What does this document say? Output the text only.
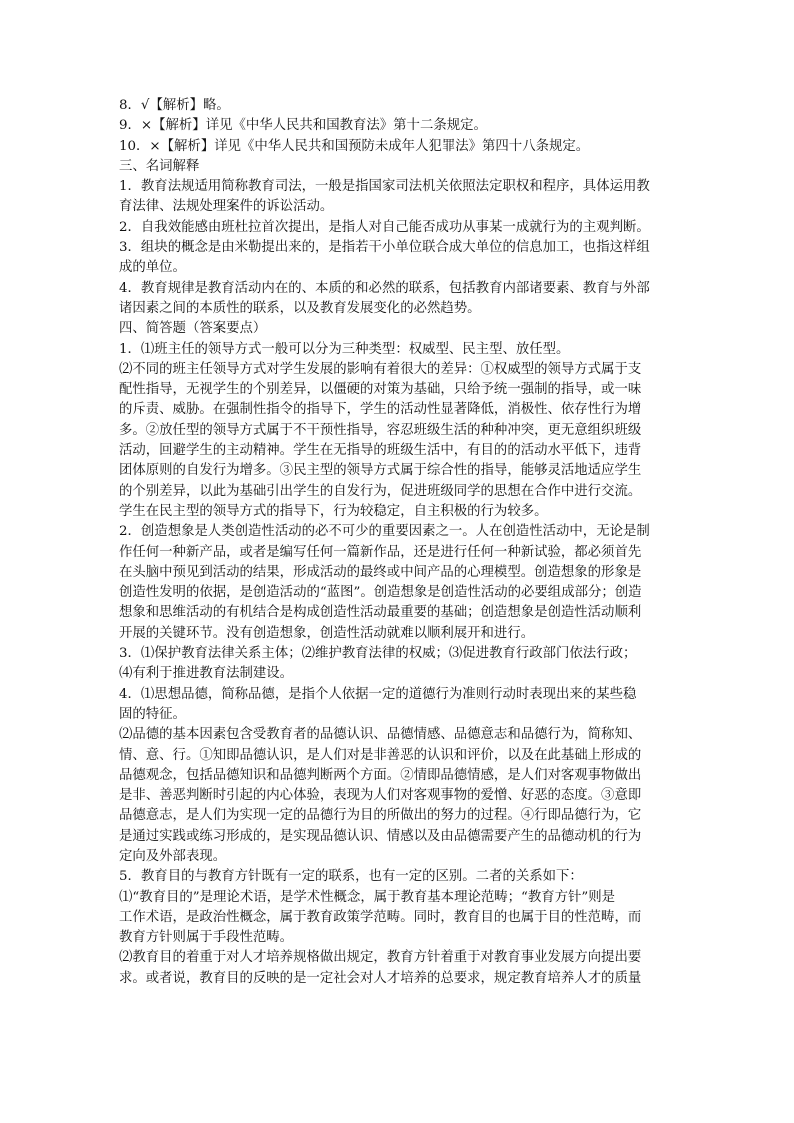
8．√【解析】略。
9．×【解析】详见《中华人民共和国教育法》第十二条规定。
10．×【解析】详见《中华人民共和国预防未成年人犯罪法》第四十八条规定。
三、名词解释
1．教育法规适用简称教育司法，一般是指国家司法机关依照法定职权和程序，具体运用教
育法律、法规处理案件的诉讼活动。
2．自我效能感由班杜拉首次提出，是指人对自己能否成功从事某一成就行为的主观判断。
3．组块的概念是由米勒提出来的，是指若干小单位联合成大单位的信息加工，也指这样组
成的单位。
4．教育规律是教育活动内在的、本质的和必然的联系，包括教育内部诸要素、教育与外部
诸因素之间的本质性的联系，以及教育发展变化的必然趋势。
四、简答题（答案要点）
1．⑴班主任的领导方式一般可以分为三种类型：权威型、民主型、放任型。
⑵不同的班主任领导方式对学生发展的影响有着很大的差异：①权威型的领导方式属于支
配性指导，无视学生的个别差异，以僵硬的对策为基础，只给予统一强制的指导，或一味
的斥责、威胁。在强制性指令的指导下，学生的活动性显著降低，消极性、依存性行为增
多。②放任型的领导方式属于不干预性指导，容忍班级生活的种种冲突，更无意组织班级
活动，回避学生的主动精神。学生在无指导的班级生活中，有目的的活动水平低下，违背
团体原则的自发行为增多。③民主型的领导方式属于综合性的指导，能够灵活地适应学生
的个别差异，以此为基础引出学生的自发行为，促进班级同学的思想在合作中进行交流。
学生在民主型的领导方式的指导下，行为较稳定，自主积极的行为较多。
2．创造想象是人类创造性活动的必不可少的重要因素之一。人在创造性活动中，无论是制
作任何一种新产品，或者是编写任何一篇新作品，还是进行任何一种新试验，都必须首先
在头脑中预见到活动的结果，形成活动的最终或中间产品的心理模型。创造想象的形象是
创造性发明的依据，是创造活动的“蓝图”。创造想象是创造性活动的必要组成部分；创造
想象和思维活动的有机结合是构成创造性活动最重要的基础；创造想象是创造性活动顺利
开展的关键环节。没有创造想象，创造性活动就难以顺利展开和进行。
3．⑴保护教育法律关系主体；⑵维护教育法律的权威；⑶促进教育行政部门依法行政；
⑷有利于推进教育法制建设。
4．⑴思想品德，简称品德，是指个人依据一定的道德行为准则行动时表现出来的某些稳
固的特征。
⑵品德的基本因素包含受教育者的品德认识、品德情感、品德意志和品德行为，简称知、
情、意、行。①知即品德认识，是人们对是非善恶的认识和评价，以及在此基础上形成的
品德观念，包括品德知识和品德判断两个方面。②情即品德情感，是人们对客观事物做出
是非、善恶判断时引起的内心体验，表现为人们对客观事物的爱憎、好恶的态度。③意即
品德意志，是人们为实现一定的品德行为目的所做出的努力的过程。④行即品德行为，它
是通过实践或练习形成的，是实现品德认识、情感以及由品德需要产生的品德动机的行为
定向及外部表现。
5．教育目的与教育方针既有一定的联系，也有一定的区别。二者的关系如下：
⑴“教育目的”是理论术语，是学术性概念，属于教育基本理论范畴；“教育方针”则是
工作术语，是政治性概念，属于教育政策学范畴。同时，教育目的也属于目的性范畴，而
教育方针则属于手段性范畴。
⑵教育目的着重于对人才培养规格做出规定，教育方针着重于对教育事业发展方向提出要
求。或者说，教育目的反映的是一定社会对人才培养的总要求，规定教育培养人才的质量
